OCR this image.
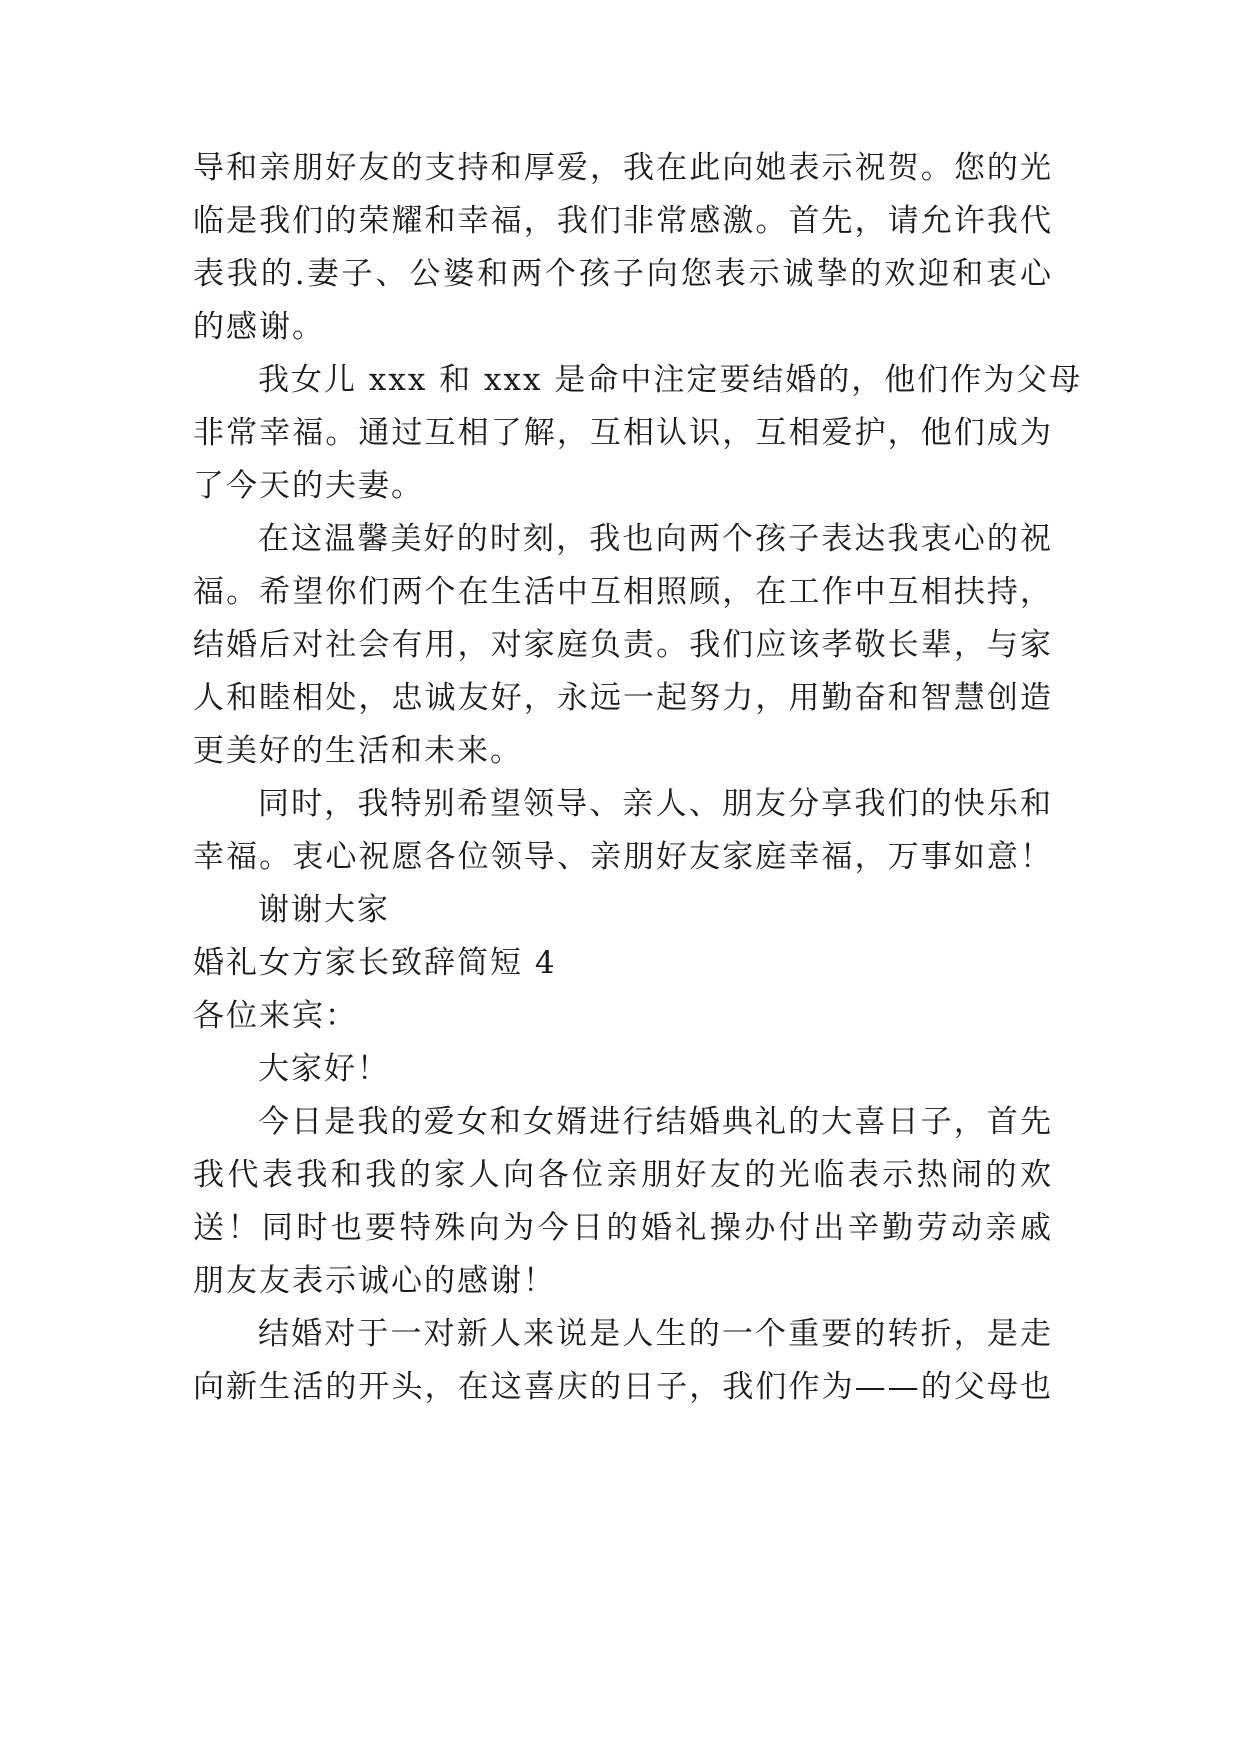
导和亲朋好友的支持和厚爱，我在此向她表示祝贺。您的光
临是我们的荣耀和幸福，我们非常感激。首先，请允许我代
表我的.妻子、公婆和两个孩子向您表示诚挚的欢迎和衷心
的感谢。
我女儿 xxx 和 xxx 是命中注定要结婚的，他们作为父母
非常幸福。通过互相了解，互相认识，互相爱护，他们成为
了今天的夫妻。
在这温馨美好的时刻，我也向两个孩子表达我衷心的祝
福。希望你们两个在生活中互相照顾，在工作中互相扶持，
结婚后对社会有用，对家庭负责。我们应该孝敬长辈，与家
人和睦相处，忠诚友好，永远一起努力，用勤奋和智慧创造
更美好的生活和未来。
同时，我特别希望领导、亲人、朋友分享我们的快乐和
幸福。衷心祝愿各位领导、亲朋好友家庭幸福，万事如意！
谢谢大家
婚礼女方家长致辞简短 4
各位来宾：
大家好！
今日是我的爱女和女婿进行结婚典礼的大喜日子，首先
我代表我和我的家人向各位亲朋好友的光临表示热闹的欢
送！同时也要特殊向为今日的婚礼操办付出辛勤劳动亲戚
朋友友表示诚心的感谢！
结婚对于一对新人来说是人生的一个重要的转折，是走
向新生活的开头，在这喜庆的日子，我们作为——的父母也
